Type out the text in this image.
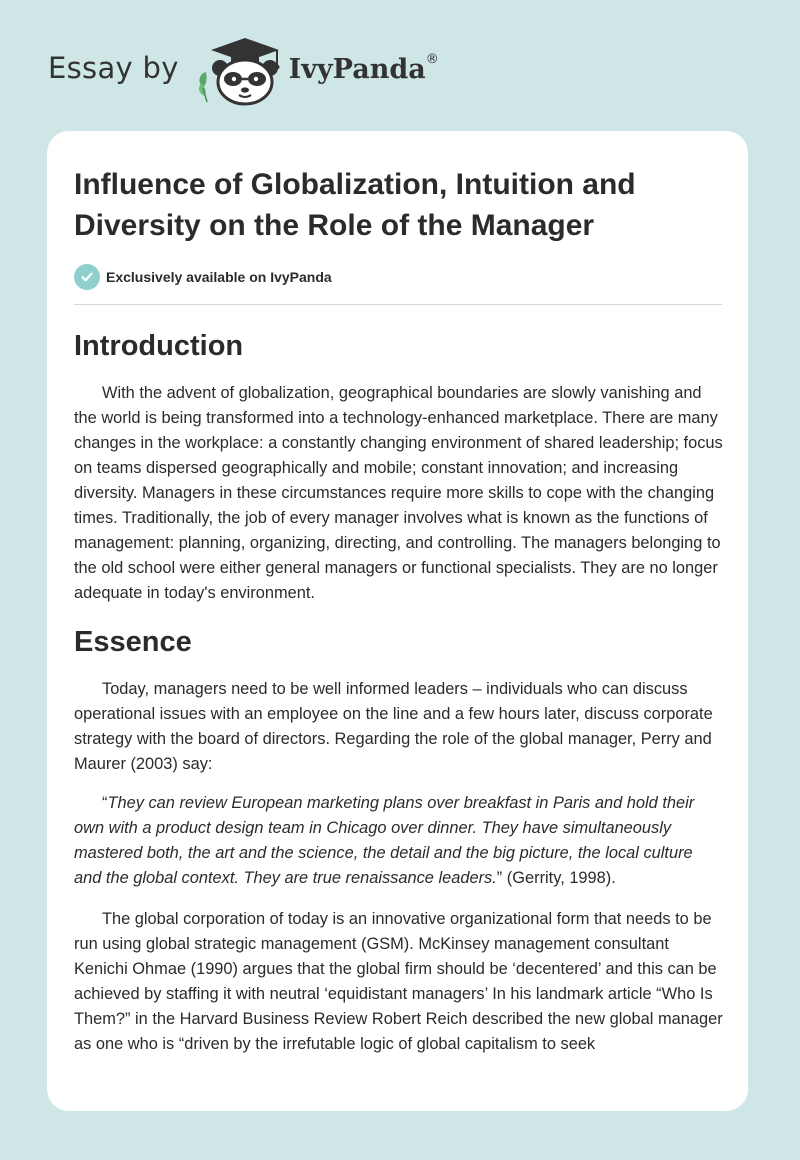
Essay by	IvyPanda®
Influence of Globalization, Intuition and Diversity on the Role of the Manager
Exclusively available on IvyPanda
Introduction

With the advent of globalization, geographical boundaries are slowly vanishing and the world is being transformed into a technology-enhanced marketplace. There are many changes in the workplace: a constantly changing environment of shared leadership; focus on teams dispersed geographically and mobile; constant innovation; and increasing diversity. Managers in these circumstances require more skills to cope with the changing times. Traditionally, the job of every manager involves what is known as the functions of management: planning, organizing, directing, and controlling. The managers belonging to the old school were either general managers or functional specialists. They are no longer adequate in today's environment.

Essence

Today, managers need to be well informed leaders – individuals who can discuss operational issues with an employee on the line and a few hours later, discuss corporate strategy with the board of directors. Regarding the role of the global manager, Perry and Maurer (2003) say:

“They can review European marketing plans over breakfast in Paris and hold their own with a product design team in Chicago over dinner. They have simultaneously mastered both, the art and the science, the detail and the big picture, the local culture and the global context. They are true renaissance leaders.” (Gerrity, 1998).

The global corporation of today is an innovative organizational form that needs to be run using global strategic management (GSM). McKinsey management consultant Kenichi Ohmae (1990) argues that the global firm should be ‘decentered’ and this can be achieved by staffing it with neutral ‘equidistant managers’ In his landmark article “Who Is Them?” in the Harvard Business Review Robert Reich described the new global manager as one who is “driven by the irrefutable logic of global capitalism to seek
